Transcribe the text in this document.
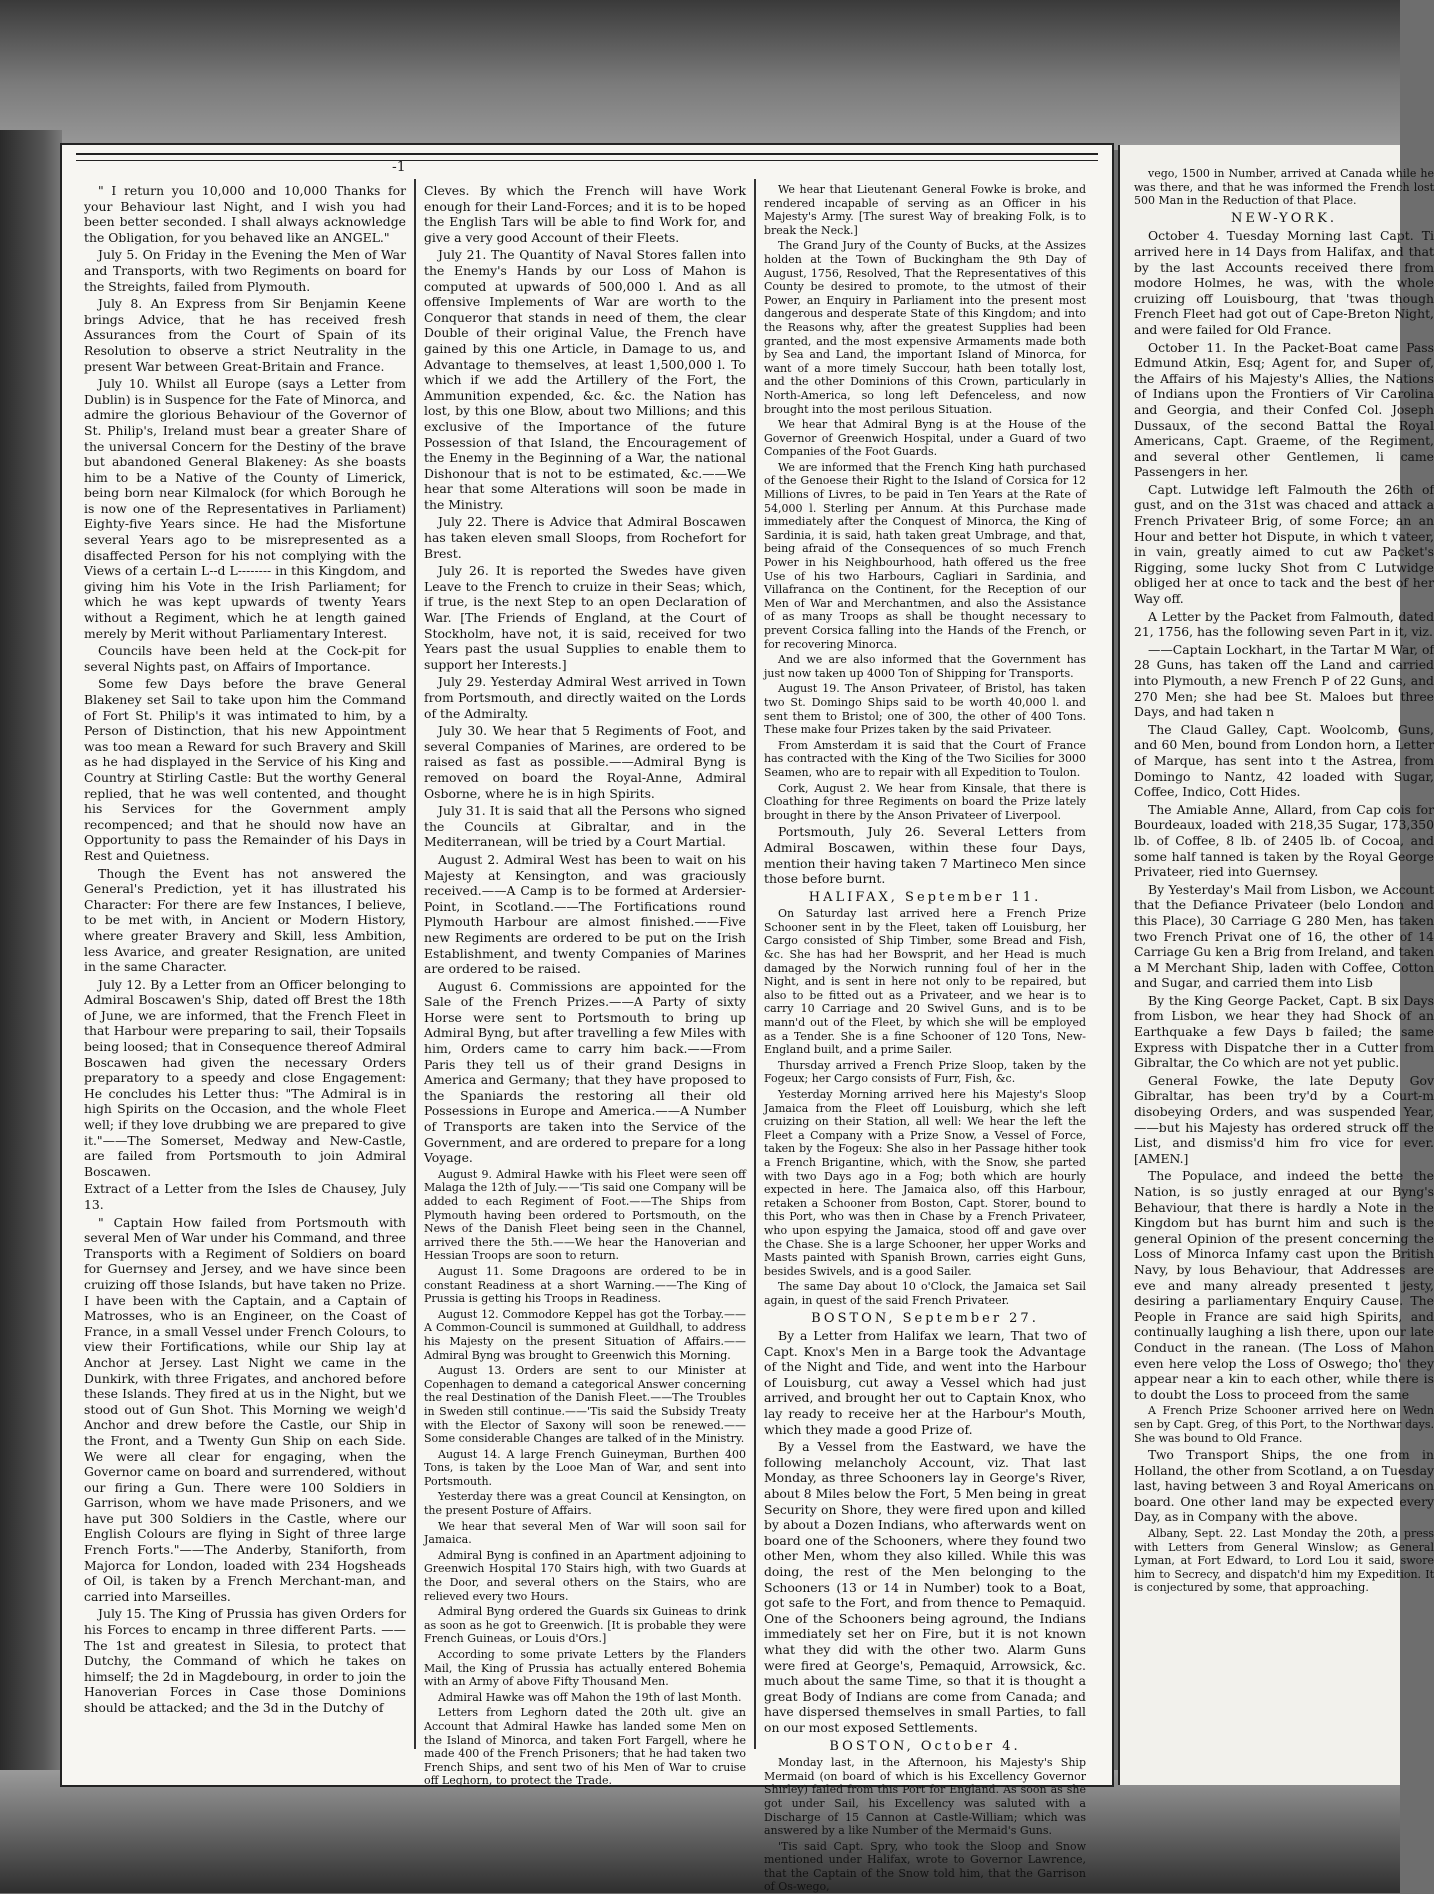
-1

" I return you 10,000 and 10,000 Thanks for your Behaviour last Night, and I wish you had been better seconded. I shall always acknowledge the Obligation, for you behaved like an ANGEL."

July 5. On Friday in the Evening the Men of War and Transports, with two Regiments on board for the Streights, failed from Plymouth.

July 8. An Express from Sir Benjamin Keene brings Advice, that he has received fresh Assurances from the Court of Spain of its Resolution to observe a strict Neutrality in the present War between Great-Britain and France.

July 10. Whilst all Europe (says a Letter from Dublin) is in Suspence for the Fate of Minorca, and admire the glorious Behaviour of the Governor of St. Philip's, Ireland must bear a greater Share of the universal Concern for the Destiny of the brave but abandoned General Blakeney: As she boasts him to be a Native of the County of Limerick, being born near Kilmalock (for which Borough he is now one of the Representatives in Parliament) Eighty-five Years since. He had the Misfortune several Years ago to be misrepresented as a disaffected Person for his not complying with the Views of a certain L--d L-------- in this Kingdom, and giving him his Vote in the Irish Parliament; for which he was kept upwards of twenty Years without a Regiment, which he at length gained merely by Merit without Parliamentary Interest.

Councils have been held at the Cock-pit for several Nights past, on Affairs of Importance.

Some few Days before the brave General Blakeney set Sail to take upon him the Command of Fort St. Philip's it was intimated to him, by a Person of Distinction, that his new Appointment was too mean a Reward for such Bravery and Skill as he had displayed in the Service of his King and Country at Stirling Castle: But the worthy General replied, that he was well contented, and thought his Services for the Government amply recompenced; and that he should now have an Opportunity to pass the Remainder of his Days in Rest and Quietness.

Though the Event has not answered the General's Prediction, yet it has illustrated his Character: For there are few Instances, I believe, to be met with, in Ancient or Modern History, where greater Bravery and Skill, less Ambition, less Avarice, and greater Resignation, are united in the same Character.

July 12. By a Letter from an Officer belonging to Admiral Boscawen's Ship, dated off Brest the 18th of June, we are informed, that the French Fleet in that Harbour were preparing to sail, their Topsails being loosed; that in Consequence thereof Admiral Boscawen had given the necessary Orders preparatory to a speedy and close Engagement: He concludes his Letter thus: "The Admiral is in high Spirits on the Occasion, and the whole Fleet well; if they love drubbing we are prepared to give it."——The Somerset, Medway and New-Castle, are failed from Portsmouth to join Admiral Boscawen.

Extract of a Letter from the Isles de Chausey, July 13.

" Captain How failed from Portsmouth with several Men of War under his Command, and three Transports with a Regiment of Soldiers on board for Guernsey and Jersey, and we have since been cruizing off those Islands, but have taken no Prize. I have been with the Captain, and a Captain of Matrosses, who is an Engineer, on the Coast of France, in a small Vessel under French Colours, to view their Fortifications, while our Ship lay at Anchor at Jersey. Last Night we came in the Dunkirk, with three Frigates, and anchored before these Islands. They fired at us in the Night, but we stood out of Gun Shot. This Morning we weigh'd Anchor and drew before the Castle, our Ship in the Front, and a Twenty Gun Ship on each Side. We were all clear for engaging, when the Governor came on board and surrendered, without our firing a Gun. There were 100 Soldiers in Garrison, whom we have made Prisoners, and we have put 300 Soldiers in the Castle, where our English Colours are flying in Sight of three large French Forts."——The Anderby, Staniforth, from Majorca for London, loaded with 234 Hogsheads of Oil, is taken by a French Merchant-man, and carried into Marseilles.

July 15. The King of Prussia has given Orders for his Forces to encamp in three different Parts. ——The 1st and greatest in Silesia, to protect that Dutchy, the Command of which he takes on himself; the 2d in Magdebourg, in order to join the Hanoverian Forces in Case those Dominions should be attacked; and the 3d in the Dutchy of

Cleves. By which the French will have Work enough for their Land-Forces; and it is to be hoped the English Tars will be able to find Work for, and give a very good Account of their Fleets.

July 21. The Quantity of Naval Stores fallen into the Enemy's Hands by our Loss of Mahon is computed at upwards of 500,000 l. And as all offensive Implements of War are worth to the Conqueror that stands in need of them, the clear Double of their original Value, the French have gained by this one Article, in Damage to us, and Advantage to themselves, at least 1,500,000 l. To which if we add the Artillery of the Fort, the Ammunition expended, &c. &c. the Nation has lost, by this one Blow, about two Millions; and this exclusive of the Importance of the future Possession of that Island, the Encouragement of the Enemy in the Beginning of a War, the national Dishonour that is not to be estimated, &c.——We hear that some Alterations will soon be made in the Ministry.

July 22. There is Advice that Admiral Boscawen has taken eleven small Sloops, from Rochefort for Brest.

July 26. It is reported the Swedes have given Leave to the French to cruize in their Seas; which, if true, is the next Step to an open Declaration of War. [The Friends of England, at the Court of Stockholm, have not, it is said, received for two Years past the usual Supplies to enable them to support her Interests.]

July 29. Yesterday Admiral West arrived in Town from Portsmouth, and directly waited on the Lords of the Admiralty.

July 30. We hear that 5 Regiments of Foot, and several Companies of Marines, are ordered to be raised as fast as possible.——Admiral Byng is removed on board the Royal-Anne, Admiral Osborne, where he is in high Spirits.

July 31. It is said that all the Persons who signed the Councils at Gibraltar, and in the Mediterranean, will be tried by a Court Martial.

August 2. Admiral West has been to wait on his Majesty at Kensington, and was graciously received.——A Camp is to be formed at Ardersier-Point, in Scotland.——The Fortifications round Plymouth Harbour are almost finished.——Five new Regiments are ordered to be put on the Irish Establishment, and twenty Companies of Marines are ordered to be raised.

August 6. Commissions are appointed for the Sale of the French Prizes.——A Party of sixty Horse were sent to Portsmouth to bring up Admiral Byng, but after travelling a few Miles with him, Orders came to carry him back.——From Paris they tell us of their grand Designs in America and Germany; that they have proposed to the Spaniards the restoring all their old Possessions in Europe and America.——A Number of Transports are taken into the Service of the Government, and are ordered to prepare for a long Voyage.

August 9. Admiral Hawke with his Fleet were seen off Malaga the 12th of July.——'Tis said one Company will be added to each Regiment of Foot.——The Ships from Plymouth having been ordered to Portsmouth, on the News of the Danish Fleet being seen in the Channel, arrived there the 5th.——We hear the Hanoverian and Hessian Troops are soon to return.

August 11. Some Dragoons are ordered to be in constant Readiness at a short Warning.——The King of Prussia is getting his Troops in Readiness.

August 12. Commodore Keppel has got the Torbay.——A Common-Council is summoned at Guildhall, to address his Majesty on the present Situation of Affairs.——Admiral Byng was brought to Greenwich this Morning.

August 13. Orders are sent to our Minister at Copenhagen to demand a categorical Answer concerning the real Destination of the Danish Fleet.——The Troubles in Sweden still continue.——'Tis said the Subsidy Treaty with the Elector of Saxony will soon be renewed.——Some considerable Changes are talked of in the Ministry.

August 14. A large French Guineyman, Burthen 400 Tons, is taken by the Looe Man of War, and sent into Portsmouth.

Yesterday there was a great Council at Kensington, on the present Posture of Affairs.

We hear that several Men of War will soon sail for Jamaica.

Admiral Byng is confined in an Apartment adjoining to Greenwich Hospital 170 Stairs high, with two Guards at the Door, and several others on the Stairs, who are relieved every two Hours.

Admiral Byng ordered the Guards six Guineas to drink as soon as he got to Greenwich. [It is probable they were French Guineas, or Louis d'Ors.]

According to some private Letters by the Flanders Mail, the King of Prussia has actually entered Bohemia with an Army of above Fifty Thousand Men.

Admiral Hawke was off Mahon the 19th of last Month.

Letters from Leghorn dated the 20th ult. give an Account that Admiral Hawke has landed some Men on the Island of Minorca, and taken Fort Fargell, where he made 400 of the French Prisoners; that he had taken two French Ships, and sent two of his Men of War to cruise off Leghorn, to protect the Trade.

We hear that Lieutenant General Fowke is broke, and rendered incapable of serving as an Officer in his Majesty's Army. [The surest Way of breaking Folk, is to break the Neck.]

The Grand Jury of the County of Bucks, at the Assizes holden at the Town of Buckingham the 9th Day of August, 1756, Resolved, That the Representatives of this County be desired to promote, to the utmost of their Power, an Enquiry in Parliament into the present most dangerous and desperate State of this Kingdom; and into the Reasons why, after the greatest Supplies had been granted, and the most expensive Armaments made both by Sea and Land, the important Island of Minorca, for want of a more timely Succour, hath been totally lost, and the other Dominions of this Crown, particularly in North-America, so long left Defenceless, and now brought into the most perilous Situation.

We hear that Admiral Byng is at the House of the Governor of Greenwich Hospital, under a Guard of two Companies of the Foot Guards.

We are informed that the French King hath purchased of the Genoese their Right to the Island of Corsica for 12 Millions of Livres, to be paid in Ten Years at the Rate of 54,000 l. Sterling per Annum. At this Purchase made immediately after the Conquest of Minorca, the King of Sardinia, it is said, hath taken great Umbrage, and that, being afraid of the Consequences of so much French Power in his Neighbourhood, hath offered us the free Use of his two Harbours, Cagliari in Sardinia, and Villafranca on the Continent, for the Reception of our Men of War and Merchantmen, and also the Assistance of as many Troops as shall be thought necessary to prevent Corsica falling into the Hands of the French, or for recovering Minorca.

And we are also informed that the Government has just now taken up 4000 Ton of Shipping for Transports.

August 19. The Anson Privateer, of Bristol, has taken two St. Domingo Ships said to be worth 40,000 l. and sent them to Bristol; one of 300, the other of 400 Tons. These make four Prizes taken by the said Privateer.

From Amsterdam it is said that the Court of France has contracted with the King of the Two Sicilies for 3000 Seamen, who are to repair with all Expedition to Toulon.

Cork, August 2. We hear from Kinsale, that there is Cloathing for three Regiments on board the Prize lately brought in there by the Anson Privateer of Liverpool.

Portsmouth, July 26. Several Letters from Admiral Boscawen, within these four Days, mention their having taken 7 Martineco Men since those before burnt.

HALIFAX, September 11.

On Saturday last arrived here a French Prize Schooner sent in by the Fleet, taken off Louisburg, her Cargo consisted of Ship Timber, some Bread and Fish, &c. She has had her Bowsprit, and her Head is much damaged by the Norwich running foul of her in the Night, and is sent in here not only to be repaired, but also to be fitted out as a Privateer, and we hear is to carry 10 Carriage and 20 Swivel Guns, and is to be mann'd out of the Fleet, by which she will be employed as a Tender. She is a fine Schooner of 120 Tons, New-England built, and a prime Sailer.

Thursday arrived a French Prize Sloop, taken by the Fogeux; her Cargo consists of Furr, Fish, &c.

Yesterday Morning arrived here his Majesty's Sloop Jamaica from the Fleet off Louisburg, which she left cruizing on their Station, all well: We hear the left the Fleet a Company with a Prize Snow, a Vessel of Force, taken by the Fogeux: She also in her Passage hither took a French Brigantine, which, with the Snow, she parted with two Days ago in a Fog; both which are hourly expected in here. The Jamaica also, off this Harbour, retaken a Schooner from Boston, Capt. Storer, bound to this Port, who was then in Chase by a French Privateer, who upon espying the Jamaica, stood off and gave over the Chase. She is a large Schooner, her upper Works and Masts painted with Spanish Brown, carries eight Guns, besides Swivels, and is a good Sailer.

The same Day about 10 o'Clock, the Jamaica set Sail again, in quest of the said French Privateer.

BOSTON, September 27.

By a Letter from Halifax we learn, That two of Capt. Knox's Men in a Barge took the Advantage of the Night and Tide, and went into the Harbour of Louisburg, cut away a Vessel which had just arrived, and brought her out to Captain Knox, who lay ready to receive her at the Harbour's Mouth, which they made a good Prize of.

By a Vessel from the Eastward, we have the following melancholy Account, viz. That last Monday, as three Schooners lay in George's River, about 8 Miles below the Fort, 5 Men being in great Security on Shore, they were fired upon and killed by about a Dozen Indians, who afterwards went on board one of the Schooners, where they found two other Men, whom they also killed. While this was doing, the rest of the Men belonging to the Schooners (13 or 14 in Number) took to a Boat, got safe to the Fort, and from thence to Pemaquid. One of the Schooners being aground, the Indians immediately set her on Fire, but it is not known what they did with the other two. Alarm Guns were fired at George's, Pemaquid, Arrowsick, &c. much about the same Time, so that it is thought a great Body of Indians are come from Canada; and have dispersed themselves in small Parties, to fall on our most exposed Settlements.

BOSTON, October 4.

Monday last, in the Afternoon, his Majesty's Ship Mermaid (on board of which is his Excellency Governor Shirley) failed from this Port for England. As soon as she got under Sail, his Excellency was saluted with a Discharge of 15 Cannon at Castle-William; which was answered by a like Number of the Mermaid's Guns.

'Tis said Capt. Spry, who took the Sloop and Snow mentioned under Halifax, wrote to Governor Lawrence, that the Captain of the Snow told him, that the Garrison of Os-wego,

vego, 1500 in Number, arrived at Canada while he was there, and that he was informed the French lost 500 Man in the Reduction of that Place.

NEW-YORK.

October 4. Tuesday Morning last Capt. Ti arrived here in 14 Days from Halifax, and that by the last Accounts received there from modore Holmes, he was, with the whole cruizing off Louisbourg, that 'twas though French Fleet had got out of Cape-Breton Night, and were failed for Old France.

October 11. In the Packet-Boat came Pass Edmund Atkin, Esq; Agent for, and Super of, the Affairs of his Majesty's Allies, the Nations of Indians upon the Frontiers of Vir Carolina and Georgia, and their Confed Col. Joseph Dussaux, of the second Battal the Royal Americans, Capt. Graeme, of the Regiment, and several other Gentlemen, li came Passengers in her.

Capt. Lutwidge left Falmouth the 26th of gust, and on the 31st was chaced and attack a French Privateer Brig, of some Force; an an Hour and better hot Dispute, in which t vateer, in vain, greatly aimed to cut aw Packet's Rigging, some lucky Shot from C Lutwidge obliged her at once to tack and the best of her Way off.

A Letter by the Packet from Falmouth, dated 21, 1756, has the following seven Part in it, viz.

——Captain Lockhart, in the Tartar M War, of 28 Guns, has taken off the Land and carried into Plymouth, a new French P of 22 Guns, and 270 Men; she had bee St. Maloes but three Days, and had taken n

The Claud Galley, Capt. Woolcomb, Guns, and 60 Men, bound from London horn, a Letter of Marque, has sent into t the Astrea, from Domingo to Nantz, 42 loaded with Sugar, Coffee, Indico, Cott Hides.

The Amiable Anne, Allard, from Cap cois for Bourdeaux, loaded with 218,35 Sugar, 173,350 lb. of Coffee, 8 lb. of 2405 lb. of Cocoa, and some half tanned is taken by the Royal George Privateer, ried into Guernsey.

By Yesterday's Mail from Lisbon, we Account that the Defiance Privateer (belo London and this Place), 30 Carriage G 280 Men, has taken two French Privat one of 16, the other of 14 Carriage Gu ken a Brig from Ireland, and taken a M Merchant Ship, laden with Coffee, Cotton and Sugar, and carried them into Lisb

By the King George Packet, Capt. B six Days from Lisbon, we hear they had Shock of an Earthquake a few Days b failed; the same Express with Dispatche ther in a Cutter from Gibraltar, the Co which are not yet public.

General Fowke, the late Deputy Gov Gibraltar, has been try'd by a Court-m disobeying Orders, and was suspended Year,——but his Majesty has ordered struck off the List, and dismiss'd him fro vice for ever. [AMEN.]

The Populace, and indeed the bette the Nation, is so justly enraged at our Byng's Behaviour, that there is hardly a Note in the Kingdom but has burnt him and such is the general Opinion of the present concerning the Loss of Minorca Infamy cast upon the British Navy, by lous Behaviour, that Addresses are eve and many already presented t jesty, desiring a parliamentary Enquiry Cause. The People in France are said high Spirits, and continually laughing a lish there, upon our late Conduct in the ranean. (The Loss of Mahon even here velop the Loss of Oswego; tho' they appear near a kin to each other, while there is to doubt the Loss to proceed from the same

A French Prize Schooner arrived here on Wedn sen by Capt. Greg, of this Port, to the Northwar days. She was bound to Old France.

Two Transport Ships, the one from in Holland, the other from Scotland, a on Tuesday last, having between 3 and Royal Americans on board. One other land may be expected every Day, as in Company with the above.

Albany, Sept. 22. Last Monday the 20th, a press with Letters from General Winslow; as General Lyman, at Fort Edward, to Lord Lou it said, swore him to Secrecy, and dispatch'd him my Expedition. It is conjectured by some, that approaching.
